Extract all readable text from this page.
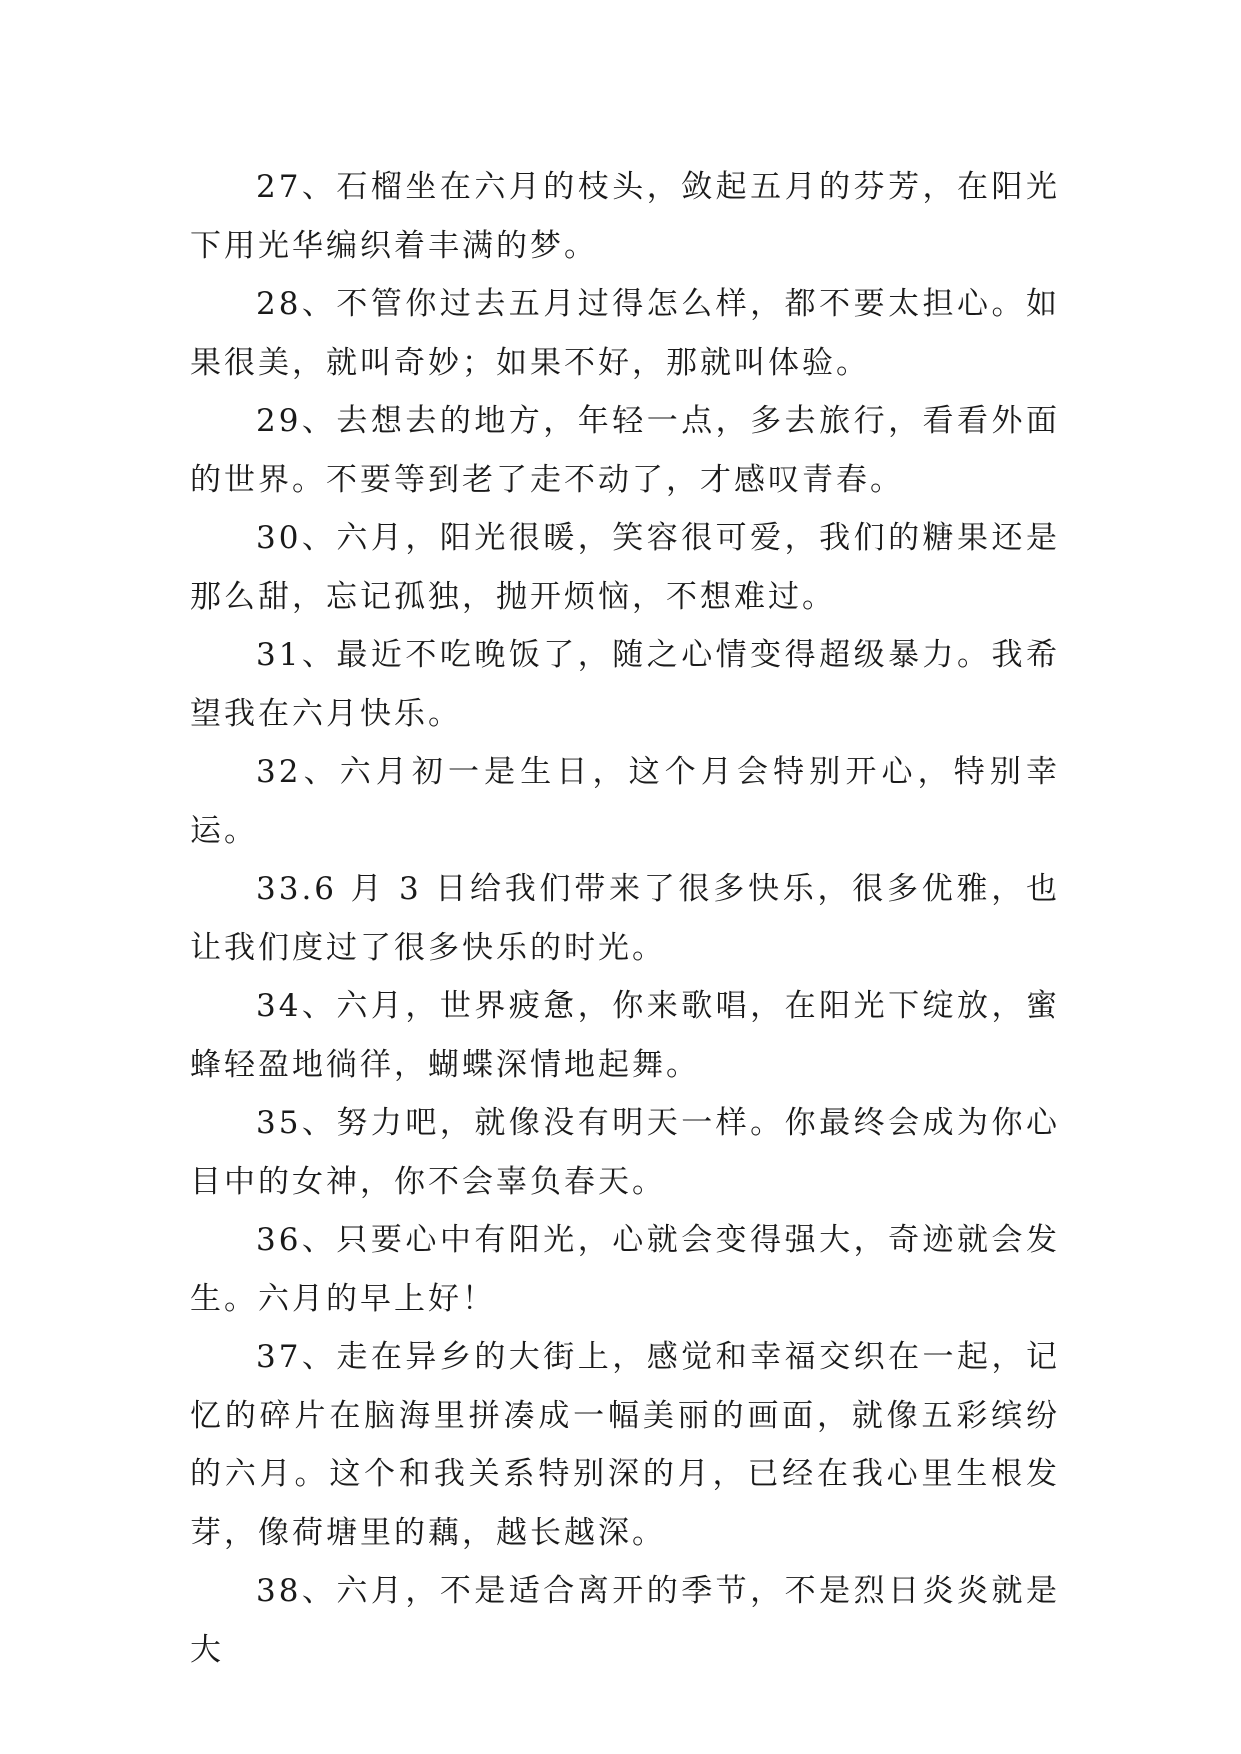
27、石榴坐在六月的枝头，敛起五月的芬芳，在阳光下用光华编织着丰满的梦。

28、不管你过去五月过得怎么样，都不要太担心。如果很美，就叫奇妙；如果不好，那就叫体验。

29、去想去的地方，年轻一点，多去旅行，看看外面的世界。不要等到老了走不动了，才感叹青春。

30、六月，阳光很暖，笑容很可爱，我们的糖果还是那么甜，忘记孤独，抛开烦恼，不想难过。

31、最近不吃晚饭了，随之心情变得超级暴力。我希望我在六月快乐。

32、六月初一是生日，这个月会特别开心，特别幸运。

33.6 月 3 日给我们带来了很多快乐，很多优雅，也让我们度过了很多快乐的时光。

34、六月，世界疲惫，你来歌唱，在阳光下绽放，蜜蜂轻盈地徜徉，蝴蝶深情地起舞。

35、努力吧，就像没有明天一样。你最终会成为你心目中的女神，你不会辜负春天。

36、只要心中有阳光，心就会变得强大，奇迹就会发生。六月的早上好！

37、走在异乡的大街上，感觉和幸福交织在一起，记忆的碎片在脑海里拼凑成一幅美丽的画面，就像五彩缤纷的六月。这个和我关系特别深的月，已经在我心里生根发芽，像荷塘里的藕，越长越深。

38、六月，不是适合离开的季节，不是烈日炎炎就是大
